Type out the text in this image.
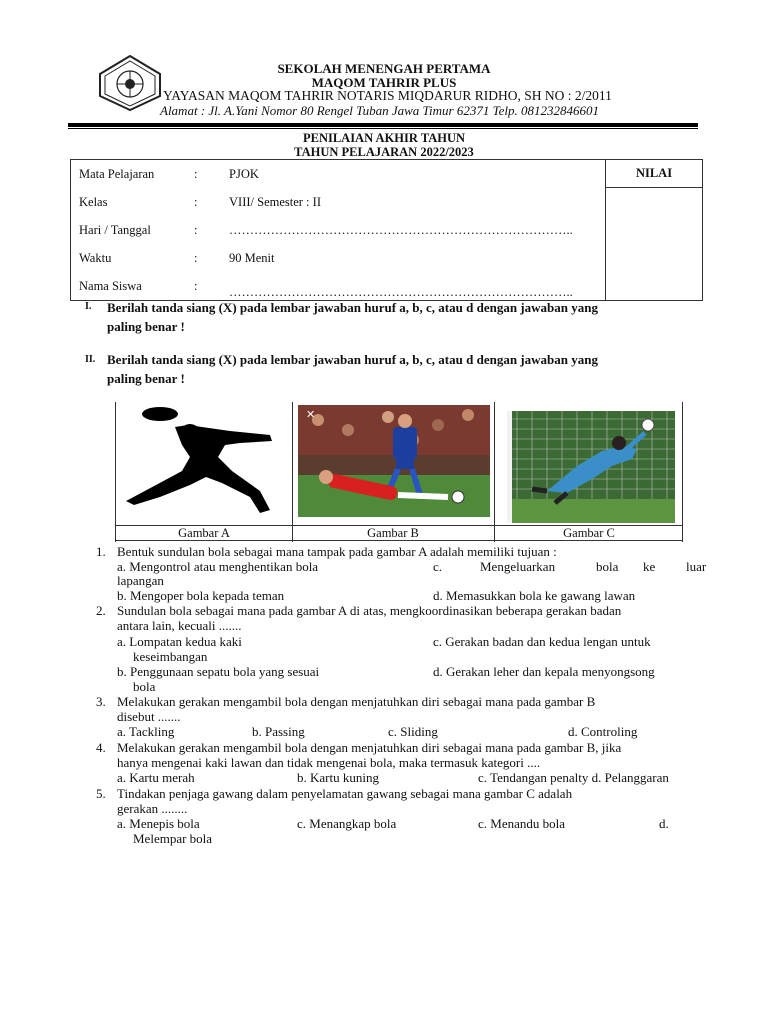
SEKOLAH MENENGAH PERTAMA
MAQOM TAHRIR PLUS
YAYASAN MAQOM TAHRIR NOTARIS MIQDARUR RIDHO, SH NO : 2/2011
Alamat : Jl. A.Yani Nomor 80 Rengel Tuban Jawa Timur 62371 Telp. 081232846601
PENILAIAN AKHIR TAHUN
TAHUN PELAJARAN 2022/2023
Mata Pelajaran	:	PJOK
Kelas	:	VIII/ Semester : II
Hari / Tanggal	:	………………………………………………………………………..
Waktu	:	90 Menit
Nama Siswa	:	………………………………………………………………………..

NILAI
I. Berilah tanda siang (X) pada lembar jawaban huruf a, b, c, atau d dengan jawaban yang
paling benar !
II. Berilah tanda siang (X) pada lembar jawaban huruf a, b, c, atau d dengan jawaban yang
paling benar !
✕
Gambar A	Gambar B	Gambar C
1. Bentuk sundulan bola sebagai mana tampak pada gambar A adalah memiliki tujuan :
a. Mengontrol atau menghentikan bola	c.	Mengeluarkan	bola ke luar
lapangan
b. Mengoper bola kepada teman	d. Memasukkan bola ke gawang lawan
2. Sundulan bola sebagai mana pada gambar A di atas, mengkoordinasikan beberapa gerakan badan
antara lain, kecuali .......
a. Lompatan kedua kaki	c. Gerakan badan dan kedua lengan untuk
keseimbangan
b. Penggunaan sepatu bola yang sesuai	d. Gerakan leher dan kepala menyongsong
bola
3. Melakukan gerakan mengambil bola dengan menjatuhkan diri sebagai mana pada gambar B
disebut .......
a. Tackling	b. Passing	c. Sliding	d. Controling
4. Melakukan gerakan mengambil bola dengan menjatuhkan diri sebagai mana pada gambar B, jika
hanya mengenai kaki lawan dan tidak mengenai bola, maka termasuk kategori ....
a. Kartu merah	b. Kartu kuning	c. Tendangan penalty d. Pelanggaran
5. Tindakan penjaga gawang dalam penyelamatan gawang sebagai mana gambar C adalah
gerakan ........
a. Menepis bola	c. Menangkap bola	c. Menandu bola	d.
Melempar bola
